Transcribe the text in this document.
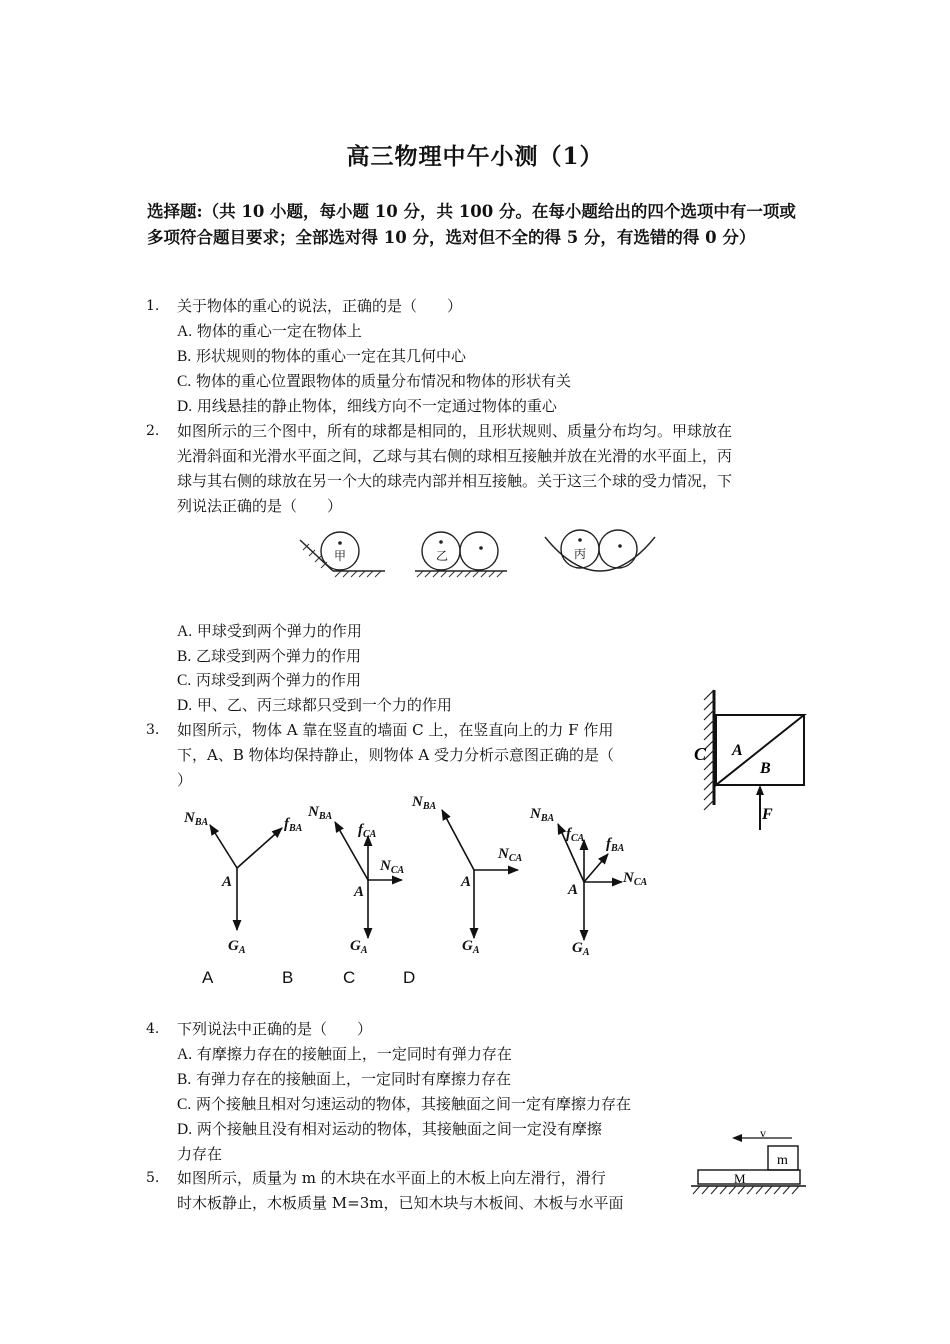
高三物理中午小测（1）
选择题:（共 10 小题，每小题 10 分，共 100 分。在每小题给出的四个选项中有一项或多项符合题目要求；全部选对得 10 分，选对但不全的得 5 分，有选错的得 0 分）
1. 关于物体的重心的说法，正确的是（　　）
A. 物体的重心一定在物体上
B. 形状规则的物体的重心一定在其几何中心
C. 物体的重心位置跟物体的质量分布情况和物体的形状有关
D. 用线悬挂的静止物体，细线方向不一定通过物体的重心
2. 如图所示的三个图中，所有的球都是相同的，且形状规则、质量分布均匀。甲球放在
光滑斜面和光滑水平面之间，乙球与其右侧的球相互接触并放在光滑的水平面上，丙
球与其右侧的球放在另一个大的球壳内部并相互接触。关于这三个球的受力情况，下
列说法正确的是（　　）
甲	乙	丙
A. 甲球受到两个弹力的作用
B. 乙球受到两个弹力的作用
C. 丙球受到两个弹力的作用
D. 甲、乙、丙三球都只受到一个力的作用
3. 如图所示，物体 A 靠在竖直的墙面 C 上，在竖直向上的力 F 作用
下，A、B 物体均保持静止，则物体 A 受力分析示意图正确的是（
）
C A
B
F
$N_{BA}$	$f_{BA}$
A
$G_A$
$N_{BA}$
$f_{CA}$
$N_{CA}$
A
$G_A$
$N_{BA}$
$N_{CA}$
A
$G_A$
$N_{BA}$
$f_{CA}$ $f_{BA}$
$N_{CA}$
A
$G_A$
A	B	C	D
4. 下列说法中正确的是（　　）
A. 有摩擦力存在的接触面上，一定同时有弹力存在
B. 有弹力存在的接触面上，一定同时有摩擦力存在
C. 两个接触且相对匀速运动的物体，其接触面之间一定有摩擦力存在
D. 两个接触且没有相对运动的物体，其接触面之间一定没有摩擦
力存在
v
m
M
5. 如图所示，质量为 m 的木块在水平面上的木板上向左滑行，滑行
时木板静止，木板质量 M=3m，已知木块与木板间、木板与水平面
